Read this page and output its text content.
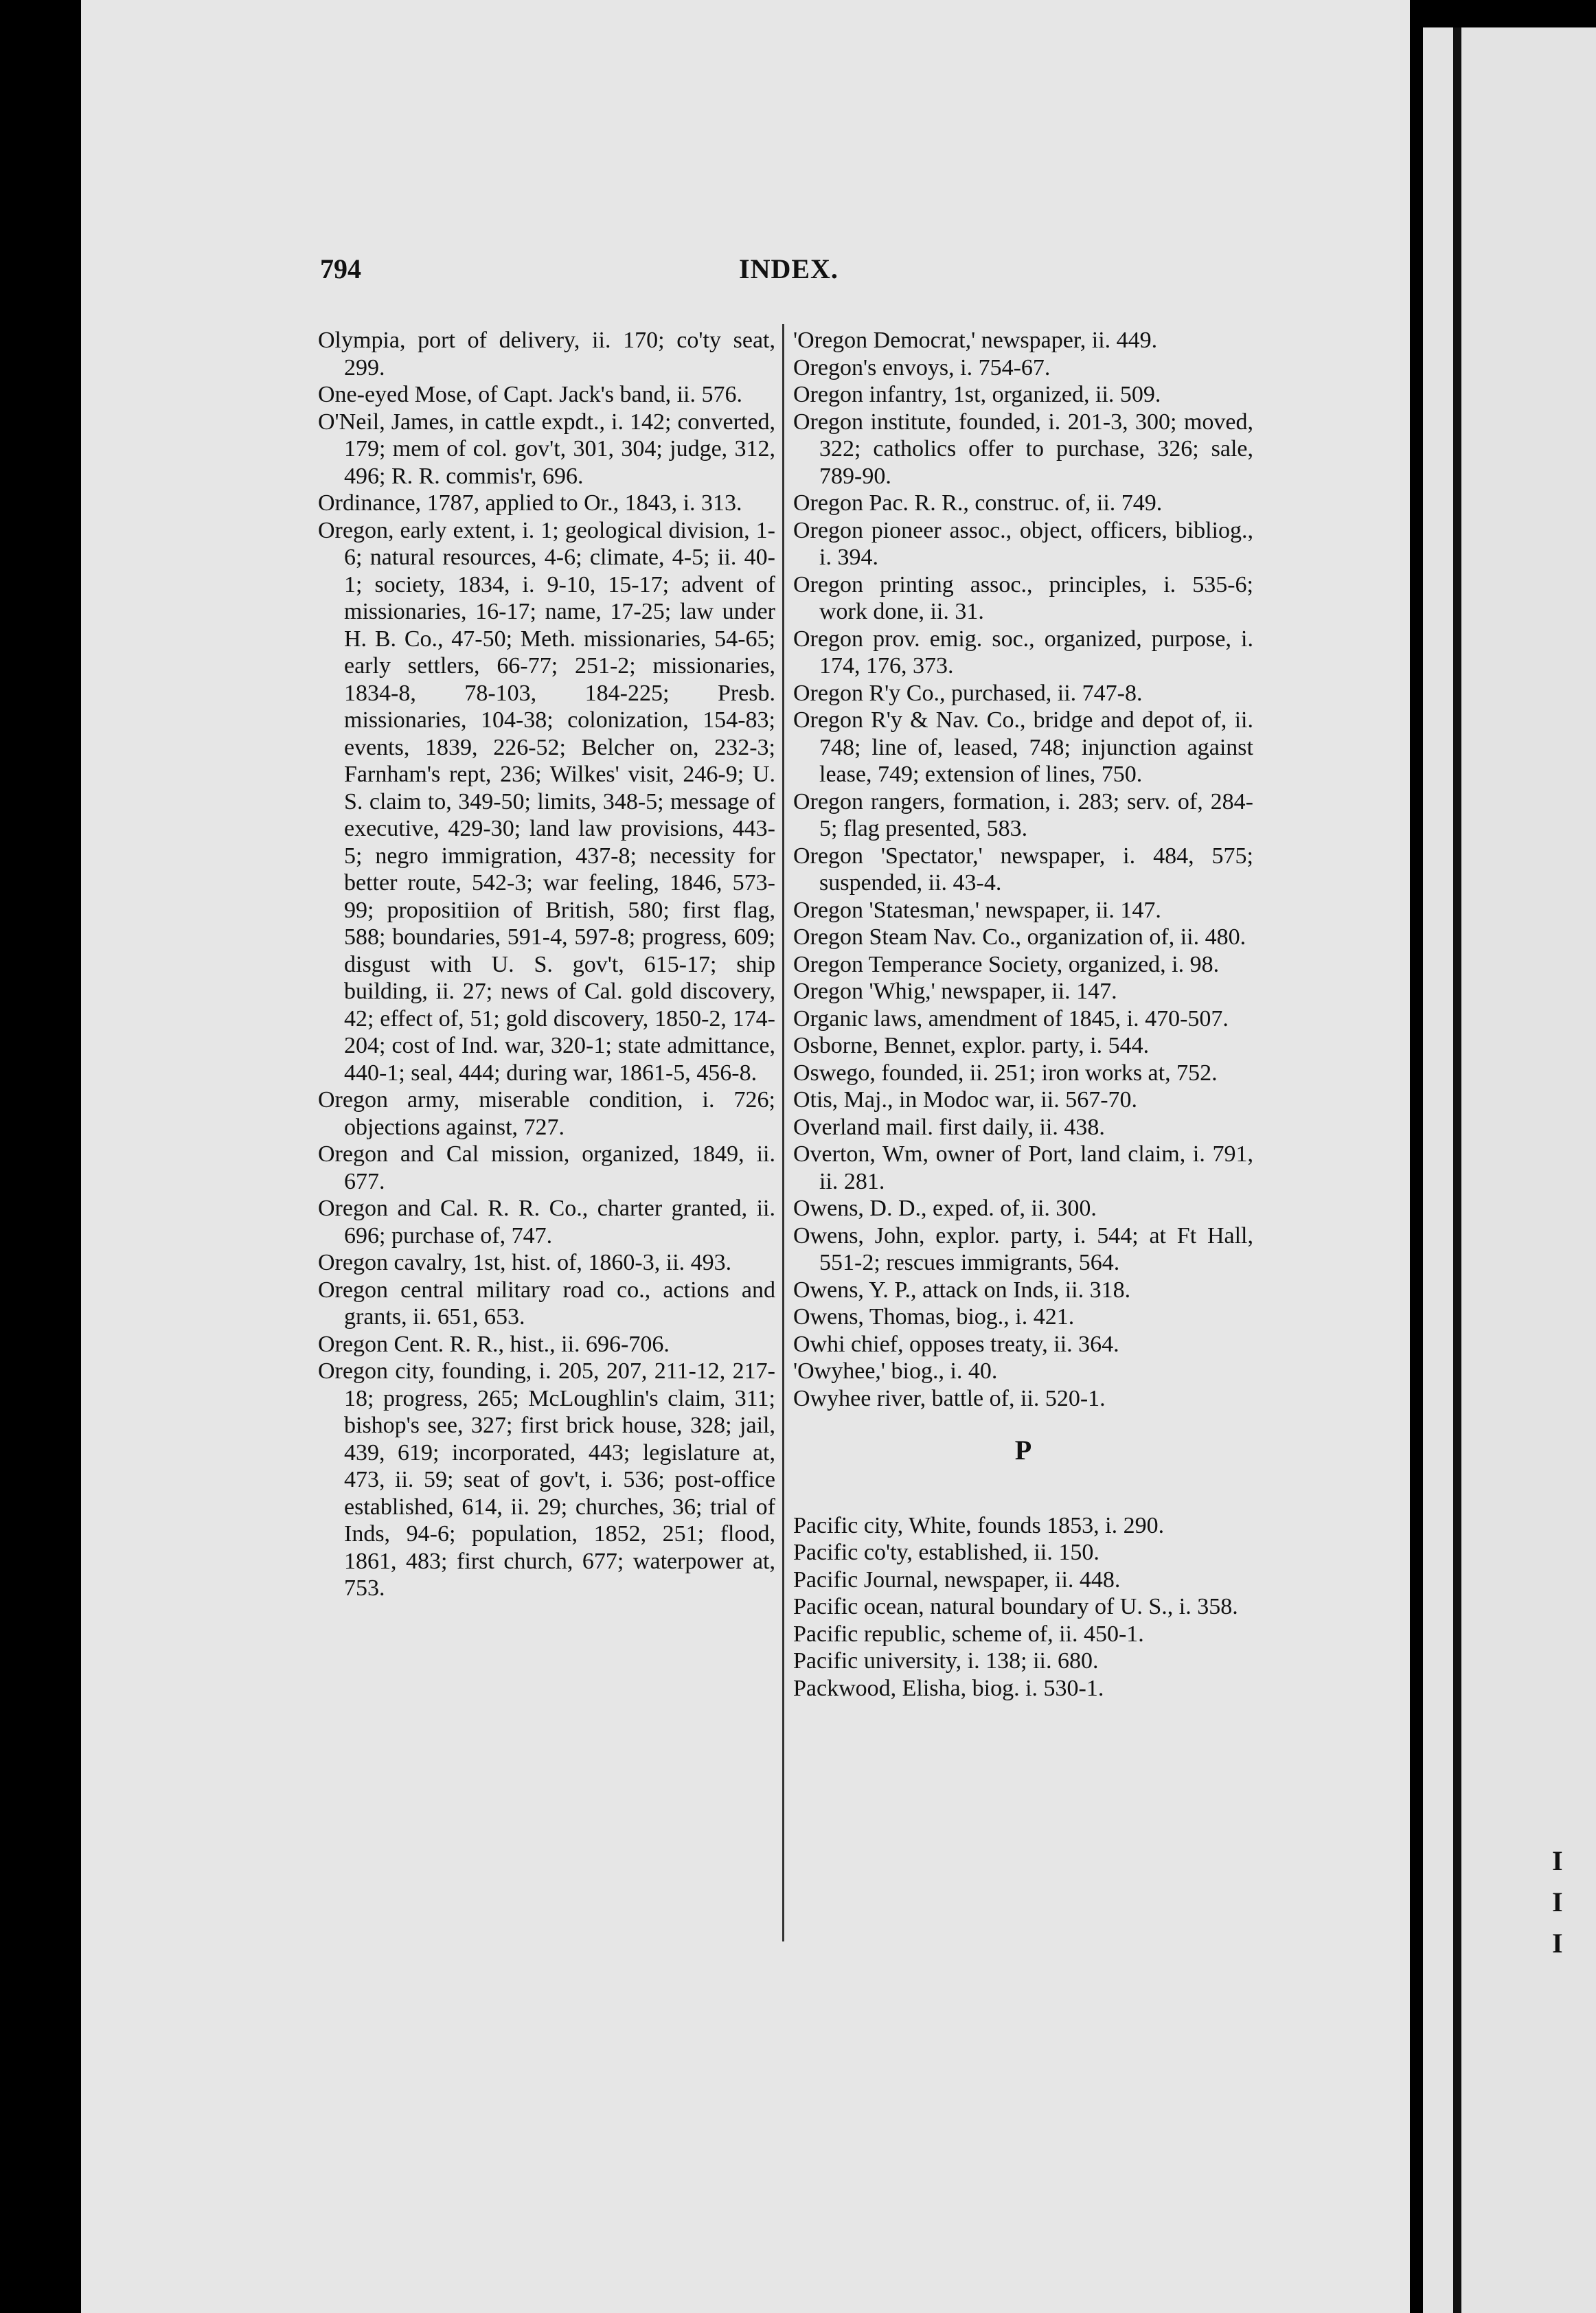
I
I
I
794	INDEX.

Olympia, port of delivery, ii. 170; co'ty seat, 299.

One-eyed Mose, of Capt. Jack's band, ii. 576.

O'Neil, James, in cattle expdt., i. 142; converted, 179; mem of col. gov't, 301, 304; judge, 312, 496; R. R. commis'r, 696.

Ordinance, 1787, applied to Or., 1843, i. 313.

Oregon, early extent, i. 1; geological division, 1-6; natural resources, 4-6; climate, 4-5; ii. 40-1; society, 1834, i. 9-10, 15-17; advent of missionaries, 16-17; name, 17-25; law under H. B. Co., 47-50; Meth. missionaries, 54-65; early settlers, 66-77; 251-2; missionaries, 1834-8, 78-103, 184-225; Presb. missionaries, 104-38; colonization, 154-83; events, 1839, 226-52; Belcher on, 232-3; Farnham's rept, 236; Wilkes' visit, 246-9; U. S. claim to, 349-50; limits, 348-5; message of executive, 429-30; land law provisions, 443-5; negro immigration, 437-8; necessity for better route, 542-3; war feeling, 1846, 573-99; propositiion of British, 580; first flag, 588; boundaries, 591-4, 597-8; progress, 609; disgust with U. S. gov't, 615-17; ship building, ii. 27; news of Cal. gold discovery, 42; effect of, 51; gold discovery, 1850-2, 174-204; cost of Ind. war, 320-1; state admittance, 440-1; seal, 444; during war, 1861-5, 456-8.

Oregon army, miserable condition, i. 726; objections against, 727.

Oregon and Cal mission, organized, 1849, ii. 677.

Oregon and Cal. R. R. Co., charter granted, ii. 696; purchase of, 747.

Oregon cavalry, 1st, hist. of, 1860-3, ii. 493.

Oregon central military road co., actions and grants, ii. 651, 653.

Oregon Cent. R. R., hist., ii. 696-706.

Oregon city, founding, i. 205, 207, 211-12, 217-18; progress, 265; McLoughlin's claim, 311; bishop's see, 327; first brick house, 328; jail, 439, 619; incorporated, 443; legislature at, 473, ii. 59; seat of gov't, i. 536; post-office established, 614, ii. 29; churches, 36; trial of Inds, 94-6; population, 1852, 251; flood, 1861, 483; first church, 677; waterpower at, 753.

'Oregon Democrat,' newspaper, ii. 449.

Oregon's envoys, i. 754-67.

Oregon infantry, 1st, organized, ii. 509.

Oregon institute, founded, i. 201-3, 300; moved, 322; catholics offer to purchase, 326; sale, 789-90.

Oregon Pac. R. R., construc. of, ii. 749.

Oregon pioneer assoc., object, officers, bibliog., i. 394.

Oregon printing assoc., principles, i. 535-6; work done, ii. 31.

Oregon prov. emig. soc., organized, purpose, i. 174, 176, 373.

Oregon R'y Co., purchased, ii. 747-8.

Oregon R'y & Nav. Co., bridge and depot of, ii. 748; line of, leased, 748; injunction against lease, 749; extension of lines, 750.

Oregon rangers, formation, i. 283; serv. of, 284-5; flag presented, 583.

Oregon 'Spectator,' newspaper, i. 484, 575; suspended, ii. 43-4.

Oregon 'Statesman,' newspaper, ii. 147.

Oregon Steam Nav. Co., organization of, ii. 480.

Oregon Temperance Society, organized, i. 98.

Oregon 'Whig,' newspaper, ii. 147.

Organic laws, amendment of 1845, i. 470-507.

Osborne, Bennet, explor. party, i. 544.

Oswego, founded, ii. 251; iron works at, 752.

Otis, Maj., in Modoc war, ii. 567-70.

Overland mail. first daily, ii. 438.

Overton, Wm, owner of Port, land claim, i. 791, ii. 281.

Owens, D. D., exped. of, ii. 300.

Owens, John, explor. party, i. 544; at Ft Hall, 551-2; rescues immigrants, 564.

Owens, Y. P., attack on Inds, ii. 318.

Owens, Thomas, biog., i. 421.

Owhi chief, opposes treaty, ii. 364.

'Owyhee,' biog., i. 40.

Owyhee river, battle of, ii. 520-1.

P

Pacific city, White, founds 1853, i. 290.

Pacific co'ty, established, ii. 150.

Pacific Journal, newspaper, ii. 448.

Pacific ocean, natural boundary of U. S., i. 358.

Pacific republic, scheme of, ii. 450-1.

Pacific university, i. 138; ii. 680.

Packwood, Elisha, biog. i. 530-1.
